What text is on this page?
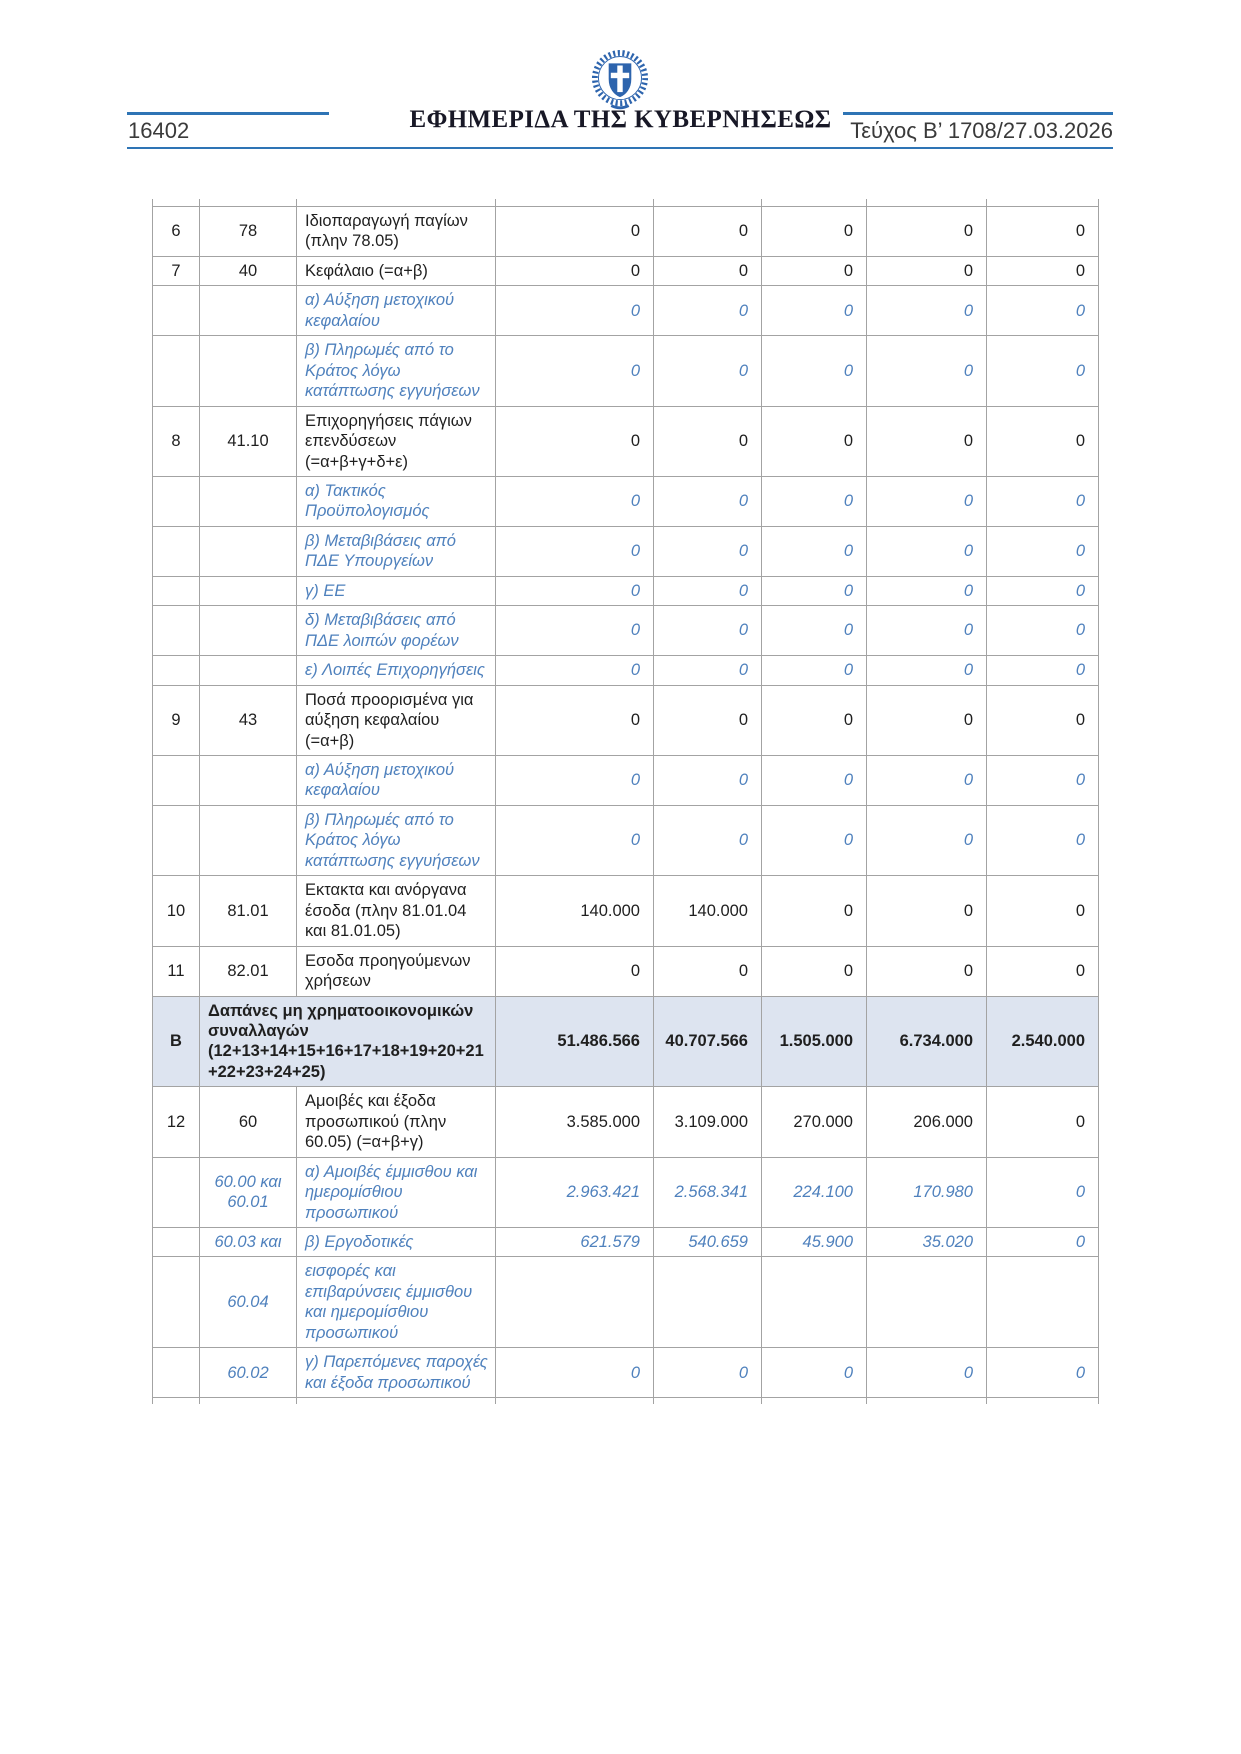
ΕΦΗΜΕΡΙΔΑ ΤΗΣ ΚΥΒΕΡΝΗΣΕΩΣ
16402	Τεύχος Β’ 1708/27.03.2026

6	78	Ιδιοπαραγωγή παγίων (πλην 78.05)	0	0	0	0	0
7	40	Κεφάλαιο (=α+β)	0	0	0	0	0
		α) Αύξηση μετοχικού κεφαλαίου	0	0	0	0	0
		β) Πληρωμές από το Κράτος λόγω κατάπτωσης εγγυήσεων	0	0	0	0	0
8	41.10	Επιχορηγήσεις πάγιων επενδύσεων (=α+β+γ+δ+ε)	0	0	0	0	0
		α) Τακτικός Προϋπολογισμός	0	0	0	0	0
		β) Μεταβιβάσεις από ΠΔΕ Υπουργείων	0	0	0	0	0
		γ) ΕΕ	0	0	0	0	0
		δ) Μεταβιβάσεις από ΠΔΕ λοιπών φορέων	0	0	0	0	0
		ε) Λοιπές Επιχορηγήσεις	0	0	0	0	0
9	43	Ποσά προορισμένα για αύξηση κεφαλαίου (=α+β)	0	0	0	0	0
		α) Αύξηση μετοχικού κεφαλαίου	0	0	0	0	0
		β) Πληρωμές από το Κράτος λόγω κατάπτωσης εγγυήσεων	0	0	0	0	0
10	81.01	Εκτακτα και ανόργανα έσοδα (πλην 81.01.04 και 81.01.05)	140.000	140.000	0	0	0
11	82.01	Εσοδα προηγούμενων χρήσεων	0	0	0	0	0
Β	Δαπάνες μη χρηματοοικονομικών συναλλαγών (12+13+14+15+16+17+18+19+20+21+22+23+24+25)		51.486.566	40.707.566	1.505.000	6.734.000	2.540.000
12	60	Αμοιβές και έξοδα προσωπικού (πλην 60.05) (=α+β+γ)	3.585.000	3.109.000	270.000	206.000	0
	60.00 και 60.01	α) Αμοιβές έμμισθου και ημερομίσθιου προσωπικού	2.963.421	2.568.341	224.100	170.980	0
	60.03 και	β) Εργοδοτικές	621.579	540.659	45.900	35.020	0
	60.04	εισφορές και επιβαρύνσεις έμμισθου και ημερομίσθιου προσωπικού					
	60.02	γ) Παρεπόμενες παροχές και έξοδα προσωπικού	0	0	0	0	0
